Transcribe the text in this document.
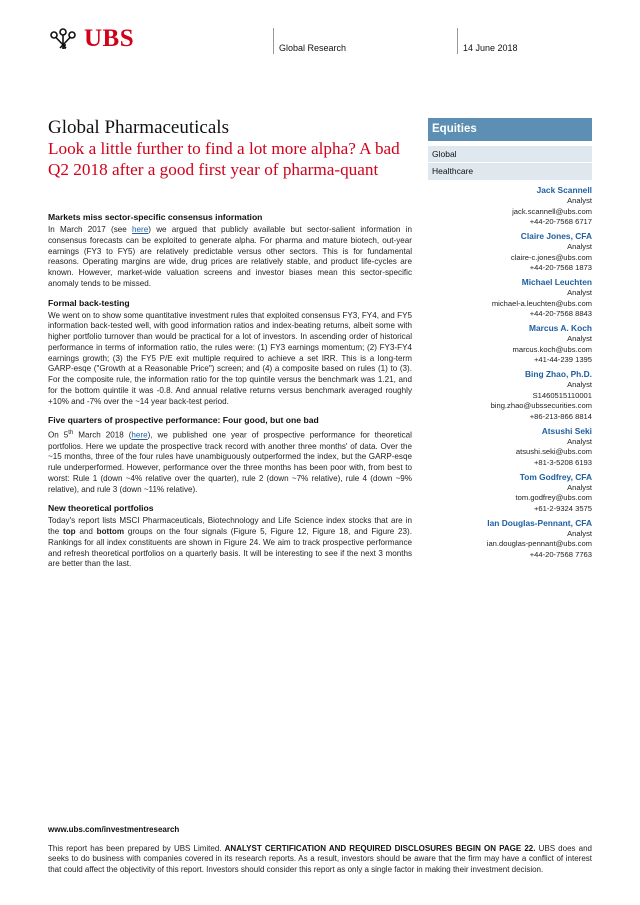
UBS	Global Research	14 June 2018
Global Pharmaceuticals
Look a little further to find a lot more alpha? A bad Q2 2018 after a good first year of pharma-quant
Equities
Global
Healthcare
Jack Scannell
Analyst
jack.scannell@ubs.com
+44-20-7568 6717
Claire Jones, CFA
Analyst
claire-c.jones@ubs.com
+44-20-7568 1873
Michael Leuchten
Analyst
michael-a.leuchten@ubs.com
+44-20-7568 8843
Marcus A. Koch
Analyst
marcus.koch@ubs.com
+41-44-239 1395
Bing Zhao, Ph.D.
Analyst
S1460515110001
bing.zhao@ubssecurities.com
+86-213-866 8814
Atsushi Seki
Analyst
atsushi.seki@ubs.com
+81-3-5208 6193
Tom Godfrey, CFA
Analyst
tom.godfrey@ubs.com
+61-2-9324 3575
Ian Douglas-Pennant, CFA
Analyst
ian.douglas-pennant@ubs.com
+44-20-7568 7763
Markets miss sector-specific consensus information

In March 2017 (see here) we argued that publicly available but sector-salient information in consensus forecasts can be exploited to generate alpha. For pharma and mature biotech, out-year earnings (FY3 to FY5) are relatively predictable versus other sectors. This is for fundamental reasons. Operating margins are wide, drug prices are relatively stable, and product life-cycles are known. However, market-wide valuation screens and investor biases mean this sector-specific anomaly tends to be missed.

Formal back-testing

We went on to show some quantitative investment rules that exploited consensus FY3, FY4, and FY5 information back-tested well, with good information ratios and index-beating returns, albeit some with higher portfolio turnover than would be practical for a lot of investors. In ascending order of historical performance in terms of information ratio, the rules were: (1) FY3 earnings momentum; (2) FY3-FY4 earnings growth; (3) the FY5 P/E exit multiple required to achieve a set IRR. This is a long-term GARP-esqe ("Growth at a Reasonable Price") screen; and (4) a composite based on rules (1) to (3). For the composite rule, the information ratio for the top quintile versus the benchmark was 1.21, and for the bottom quintile it was -0.8. And annual relative returns versus benchmark averaged roughly +10% and -7% over the ~14 year back-test period.

Five quarters of prospective performance: Four good, but one bad

On 5th March 2018 (here), we published one year of prospective performance for theoretical portfolios. Here we update the prospective track record with another three months' of data. Over the ~15 months, three of the four rules have unambiguously outperformed the index, but the GARP-esqe rule underperformed. However, performance over the three months has been poor with, from best to worst: Rule 1 (down ~4% relative over the quarter), rule 2 (down ~7% relative), rule 4 (down ~9% relative), and rule 3 (down ~11% relative).

New theoretical portfolios

Today's report lists MSCI Pharmaceuticals, Biotechnology and Life Science index stocks that are in the top and bottom groups on the four signals (Figure 5, Figure 12, Figure 18, and Figure 23). Rankings for all index constituents are shown in Figure 24. We aim to track prospective performance and refresh theoretical portfolios on a quarterly basis. It will be interesting to see if the next 3 months are better than the last.

www.ubs.com/investmentresearch
This report has been prepared by UBS Limited. ANALYST CERTIFICATION AND REQUIRED DISCLOSURES BEGIN ON PAGE 22. UBS does and seeks to do business with companies covered in its research reports. As a result, investors should be aware that the firm may have a conflict of interest that could affect the objectivity of this report. Investors should consider this report as only a single factor in making their investment decision.
